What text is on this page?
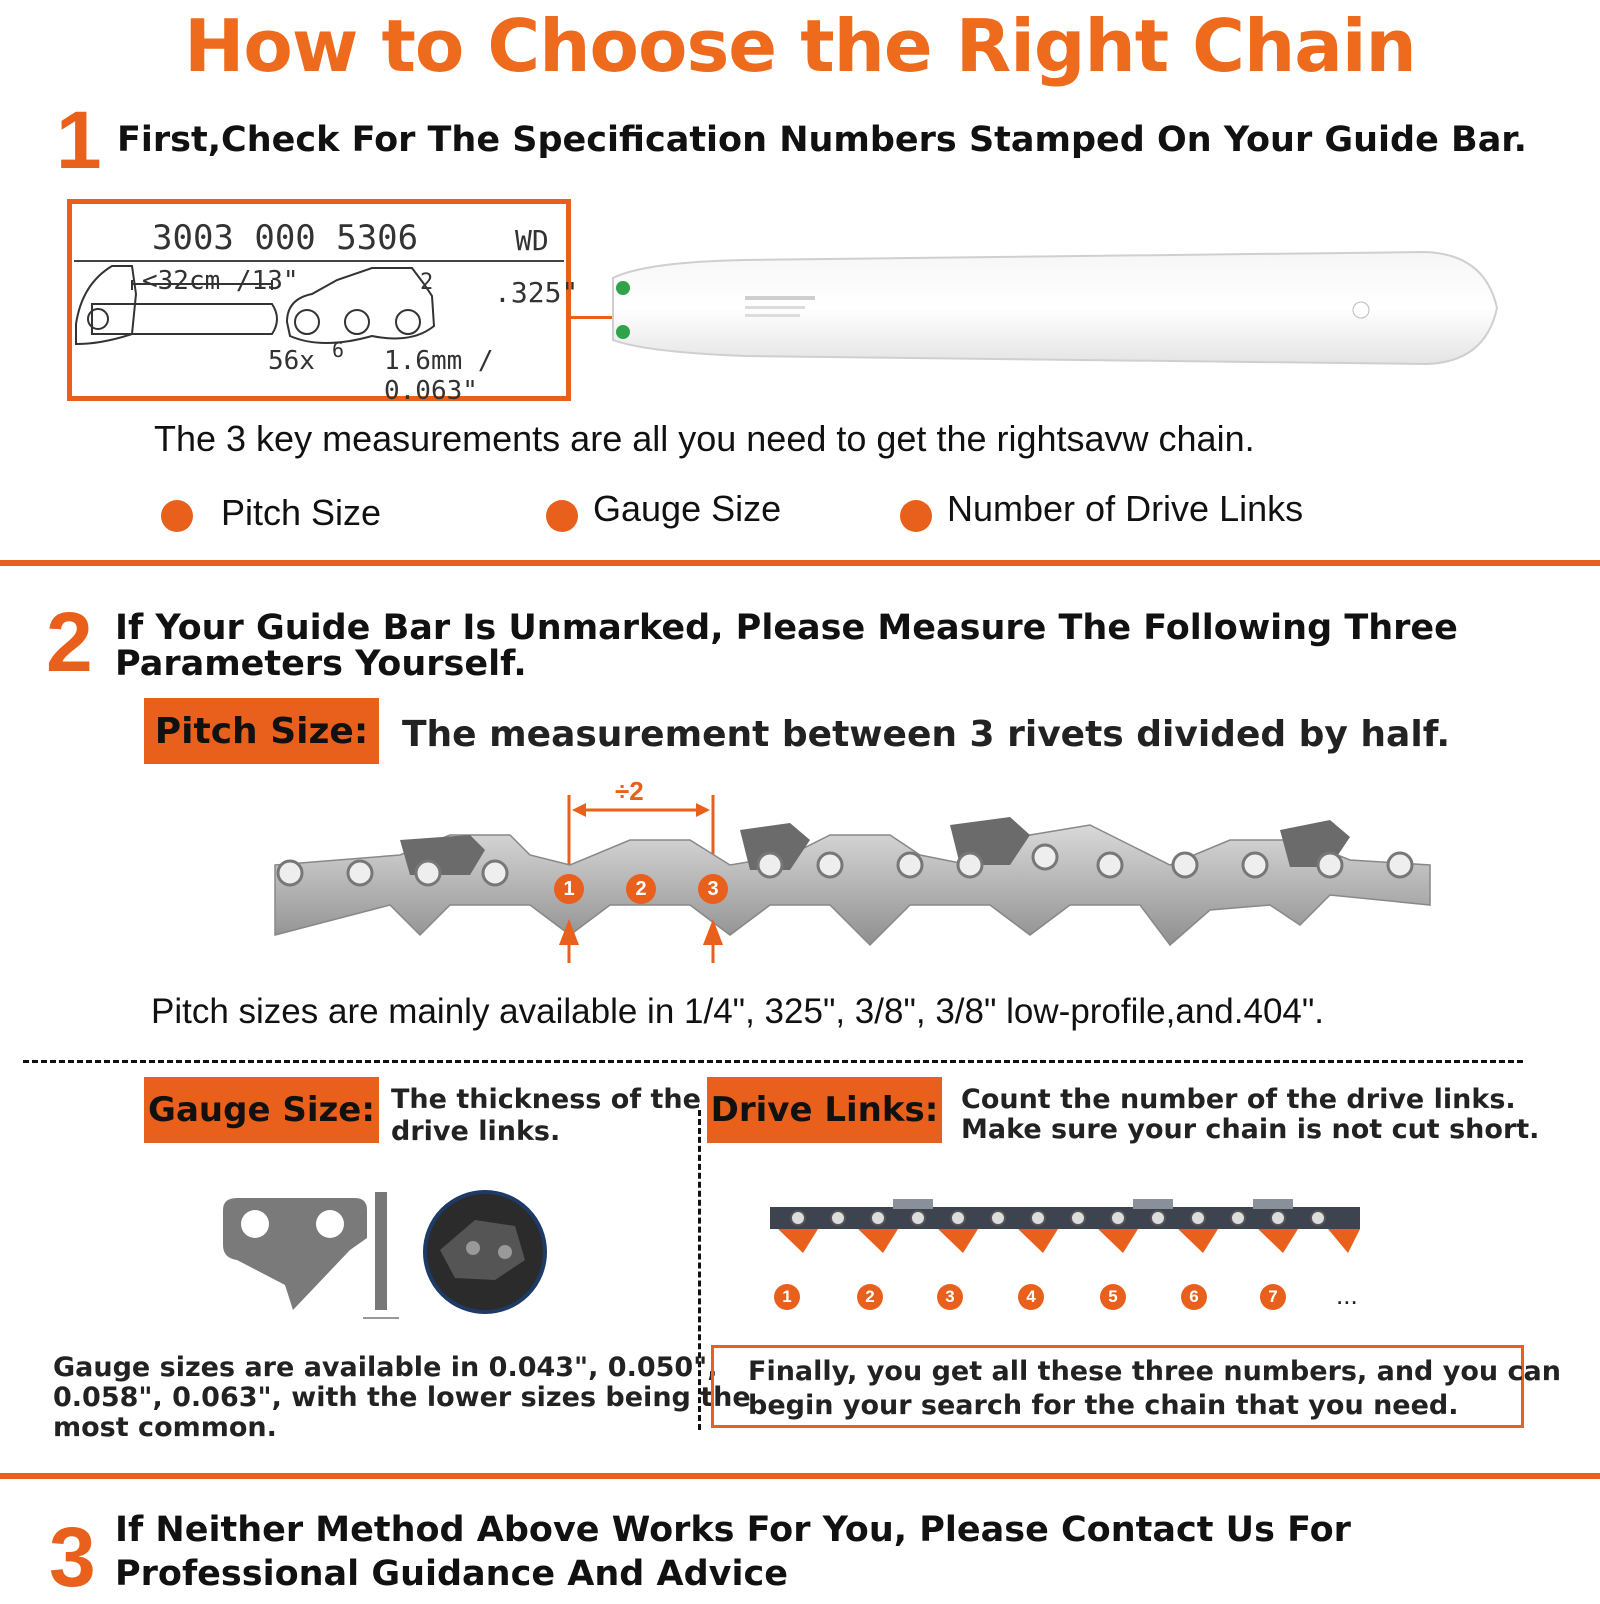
How to Choose the Right Chain
1 First,Check For The Specification Numbers Stamped On Your Guide Bar.
3003 000 5306	WD
<32cm /13"	.325"
56x	1.6mm / 0.063"
2
6
The 3 key measurements are all you need to get the rightsavw chain.
Pitch Size	Gauge Size	Number of Drive Links
2 If Your Guide Bar Is Unmarked, Please Measure The Following Three
Parameters Yourself.
Pitch Size: The measurement between 3 rivets divided by half.
÷2
1	2	3
Pitch sizes are mainly available in 1/4", 325", 3/8", 3/8" low-profile,and.404".
Gauge Size: The thickness of the
drive links.
Gauge sizes are available in 0.043", 0.050",
0.058", 0.063", with the lower sizes being the
most common.
Drive Links: Count the number of the drive links.
Make sure your chain is not cut short.
1	2	3	4	5	6	7	...
Finally, you get all these three numbers, and you can
begin your search for the chain that you need.
3 If Neither Method Above Works For You, Please Contact Us For
Professional Guidance And Advice
